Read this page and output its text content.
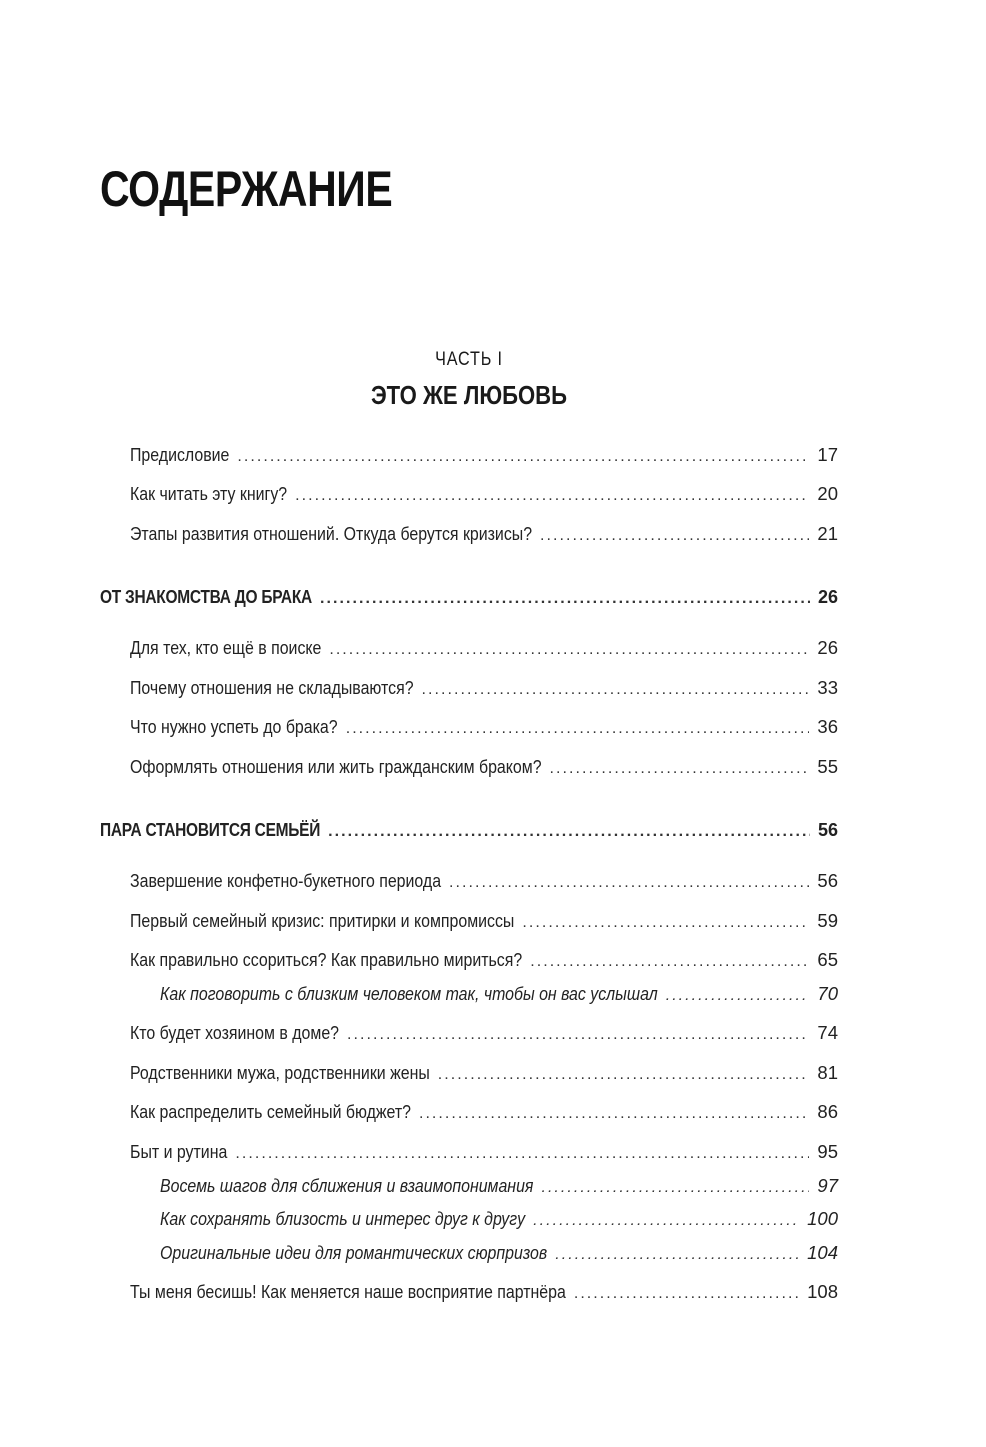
СОДЕРЖАНИЕ
ЧАСТЬ I
ЭТО ЖЕ ЛЮБОВЬ
Предисловие . . .	17
Как читать эту книгу? . . .	20
Этапы развития отношений. Откуда берутся кризисы? . . .	21
ОТ ЗНАКОМСТВА ДО БРАКА . . .	26
Для тех, кто ещё в поиске . . .	26
Почему отношения не складываются? . . .	33
Что нужно успеть до брака? . . .	36
Оформлять отношения или жить гражданским браком? . . .	55
ПАРА СТАНОВИТСЯ СЕМЬЁЙ . . .	56
Завершение конфетно-букетного периода . . .	56
Первый семейный кризис: притирки и компромиссы . . .	59
Как правильно ссориться? Как правильно мириться? . . .	65
Как поговорить с близким человеком так, чтобы он вас услышал . . .	70
Кто будет хозяином в доме? . . .	74
Родственники мужа, родственники жены . . .	81
Как распределить семейный бюджет? . . .	86
Быт и рутина . . .	95
Восемь шагов для сближения и взаимопонимания . . .	97
Как сохранять близость и интерес друг к другу . . .	100
Оригинальные идеи для романтических сюрпризов . . .	104
Ты меня бесишь! Как меняется наше восприятие партнёра . . .	108
